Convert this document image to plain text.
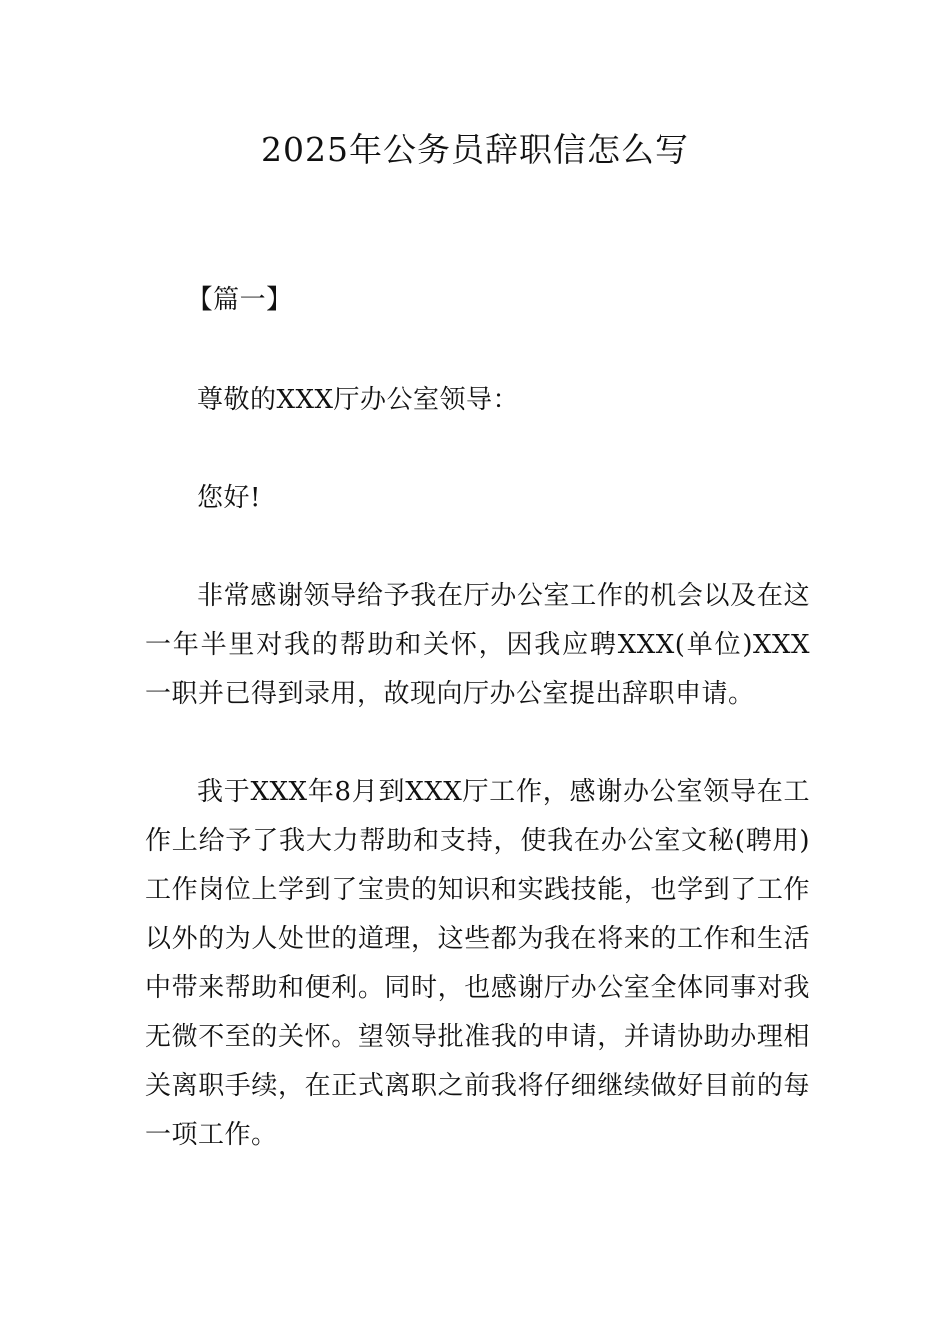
2025年公务员辞职信怎么写

【篇一】

尊敬的XXX厅办公室领导：

您好!

非常感谢领导给予我在厅办公室工作的机会以及在这一年半里对我的帮助和关怀，因我应聘XXX(单位)XXX一职并已得到录用，故现向厅办公室提出辞职申请。

我于XXX年8月到XXX厅工作，感谢办公室领导在工作上给予了我大力帮助和支持，使我在办公室文秘(聘用)工作岗位上学到了宝贵的知识和实践技能，也学到了工作以外的为人处世的道理，这些都为我在将来的工作和生活中带来帮助和便利。同时，也感谢厅办公室全体同事对我无微不至的关怀。望领导批准我的申请，并请协助办理相关离职手续，在正式离职之前我将仔细继续做好目前的每一项工作。
